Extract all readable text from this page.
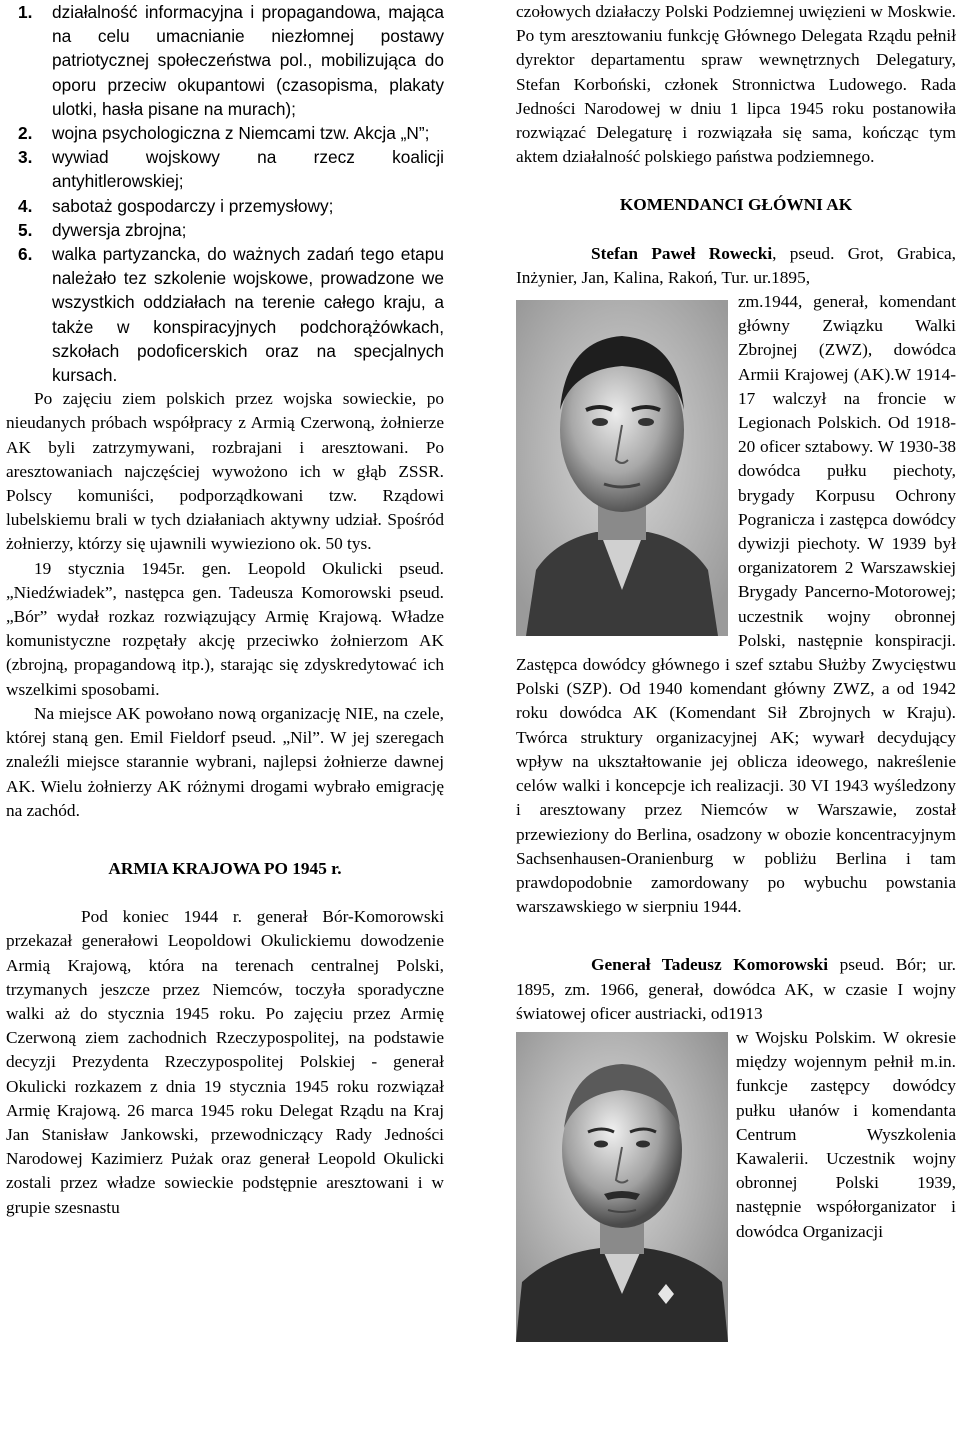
1.	działalność informacyjna i propagandowa, mająca na celu umacnianie niezłomnej postawy patriotycznej społeczeństwa pol., mobilizująca do oporu przeciw okupantowi (czasopisma, plakaty ulotki, hasła pisane na murach);
2.	wojna psychologiczna z Niemcami tzw. Akcja „N”;
3.	wywiad wojskowy na rzecz koalicji antyhitlerowskiej;
4.	sabotaż gospodarczy i przemysłowy;
5.	dywersja zbrojna;
6.	walka partyzancka, do ważnych zadań tego etapu należało tez szkolenie wojskowe, prowadzone we wszystkich oddziałach na terenie całego kraju, a także w konspiracyjnych podchorążówkach, szkołach podoficerskich oraz na specjalnych kursach.

Po zajęciu ziem polskich przez wojska sowieckie, po nieudanych próbach współpracy z Armią Czerwoną, żołnierze AK byli zatrzymywani, rozbrajani i aresztowani. Po aresztowaniach najczęściej wywożono ich w głąb ZSSR. Polscy komuniści, podporządkowani tzw. Rządowi lubelskiemu brali w tych działaniach aktywny udział. Spośród żołnierzy, którzy się ujawnili wywieziono ok. 50 tys.

19 stycznia 1945r. gen. Leopold Okulicki pseud. „Niedźwiadek”, następca gen. Tadeusza Komorowski pseud. „Bór” wydał rozkaz rozwiązujący Armię Krajową. Władze komunistyczne rozpętały akcję przeciwko żołnierzom AK (zbrojną, propagandową itp.), starając się zdyskredytować ich wszelkimi sposobami.

Na miejsce AK powołano nową organizację NIE, na czele, której staną gen. Emil Fieldorf pseud. „Nil”. W jej szeregach znaleźli miejsce starannie wybrani, najlepsi żołnierze dawnej AK. Wielu żołnierzy AK różnymi drogami wybrało emigrację na zachód.

ARMIA KRAJOWA PO 1945 r.

Pod koniec 1944 r. generał Bór-Komorowski przekazał generałowi Leopoldowi Okulickiemu dowodzenie Armią Krajową, która na terenach centralnej Polski, trzymanych jeszcze przez Niemców, toczyła sporadyczne walki aż do stycznia 1945 roku. Po zajęciu przez Armię Czerwoną ziem zachodnich Rzeczypospolitej, na podstawie decyzji Prezydenta Rzeczypospolitej Polskiej - generał Okulicki rozkazem z dnia 19 stycznia 1945 roku rozwiązał Armię Krajową. 26 marca 1945 roku Delegat Rządu na Kraj Jan Stanisław Jankowski, przewodniczący Rady Jedności Narodowej Kazimierz Pużak oraz generał Leopold Okulicki zostali przez władze sowieckie podstępnie aresztowani i w grupie szesnastu

czołowych działaczy Polski Podziemnej uwięzieni w Moskwie. Po tym aresztowaniu funkcję Głównego Delegata Rządu pełnił dyrektor departamentu spraw wewnętrznych Delegatury, Stefan Korboński, członek Stronnictwa Ludowego. Rada Jedności Narodowej w dniu 1 lipca 1945 roku postanowiła rozwiązać Delegaturę i rozwiązała się sama, kończąc tym aktem działalność polskiego państwa podziemnego.

KOMENDANCI GŁÓWNI AK

Stefan Paweł Rowecki, pseud. Grot, Grabica, Inżynier, Jan, Kalina, Rakoń, Tur. ur.1895,

zm.1944, generał, komendant główny Związku Walki Zbrojnej (ZWZ), dowódca Armii Krajowej (AK).W 1914-17 walczył na froncie w Legionach Polskich. Od 1918-20 oficer sztabowy. W 1930-38 dowódca pułku piechoty, brygady Korpusu Ochrony Pogranicza i zastępca dowódcy dywizji piechoty. W 1939 był organizatorem 2 Warszawskiej Brygady Pancerno-Motorowej; uczestnik wojny obronnej Polski, następnie konspiracji. Zastępca dowódcy głównego i szef sztabu Służby Zwycięstwu Polski (SZP). Od 1940 komendant główny ZWZ, a od 1942 roku dowódca AK (Komendant Sił Zbrojnych w Kraju). Twórca struktury organizacyjnej AK; wywarł decydujący wpływ na ukształtowanie jej oblicza ideowego, nakreślenie celów walki i koncepcje ich realizacji. 30 VI 1943 wyśledzony i aresztowany przez Niemców w Warszawie, został przewieziony do Berlina, osadzony w obozie koncentracyjnym Sachsenhausen-Oranienburg w pobliżu Berlina i tam prawdopodobnie zamordowany po wybuchu powstania warszawskiego w sierpniu 1944.

Generał Tadeusz Komorowski pseud. Bór; ur. 1895, zm. 1966, generał, dowódca AK, w czasie I wojny światowej oficer austriacki, od1913

w Wojsku Polskim. W okresie między wojennym pełnił m.in. funkcje zastępcy dowódcy pułku ułanów i komendanta Centrum Wyszkolenia Kawalerii. Uczestnik wojny obronnej Polski 1939, następnie współorganizator i dowódca Organizacji
